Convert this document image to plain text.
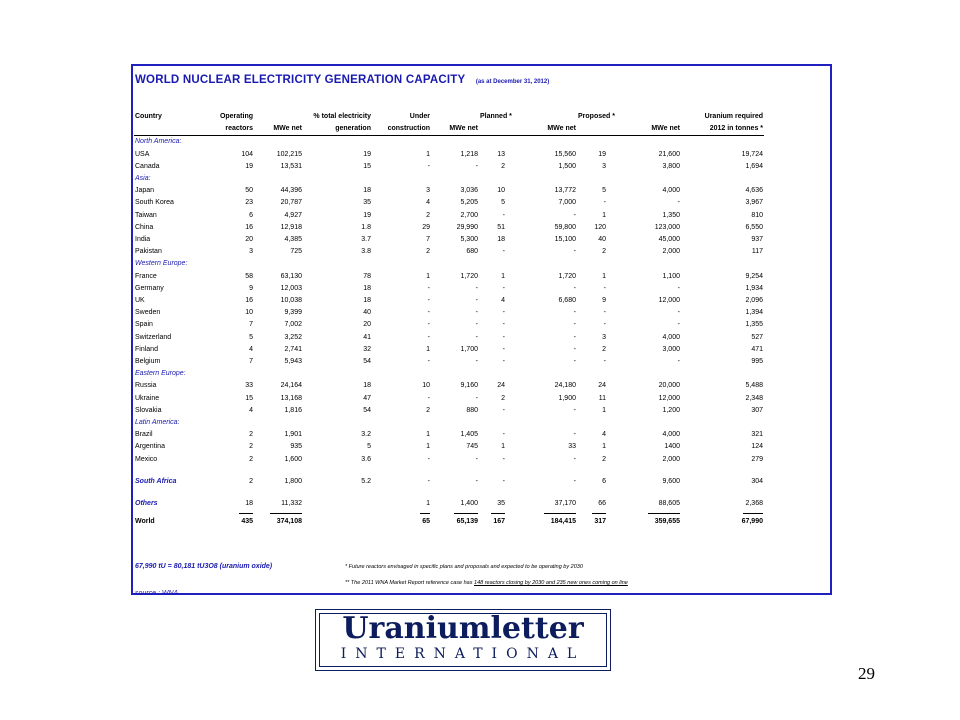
WORLD NUCLEAR ELECTRICITY GENERATION CAPACITY (as at December 31, 2012)
Country	Operating		% total electricity	Under		Planned *		Proposed *		Uranium required
	reactors	MWe net	generation	construction	MWe net		MWe net		MWe net	2012 in tonnes *
North America:										
USA	104	102,215	19	1	1,218	13	15,560	19	21,600	19,724
Canada	19	13,531	15	-	-	2	1,500	3	3,800	1,694
Asia:										
Japan	50	44,396	18	3	3,036	10	13,772	5	4,000	4,636
South Korea	23	20,787	35	4	5,205	5	7,000	-	-	3,967
Taiwan	6	4,927	19	2	2,700	-	-	1	1,350	810
China	16	12,918	1.8	29	29,990	51	59,800	120	123,000	6,550
India	20	4,385	3.7	7	5,300	18	15,100	40	45,000	937
Pakistan	3	725	3.8	2	680	-	-	2	2,000	117
Western Europe:										
France	58	63,130	78	1	1,720	1	1,720	1	1,100	9,254
Germany	9	12,003	18	-	-	-	-	-	-	1,934
UK	16	10,038	18	-	-	4	6,680	9	12,000	2,096
Sweden	10	9,399	40	-	-	-	-	-	-	1,394
Spain	7	7,002	20	-	-	-	-	-	-	1,355
Switzerland	5	3,252	41	-	-	-	-	3	4,000	527
Finland	4	2,741	32	1	1,700	-	-	2	3,000	471
Belgium	7	5,943	54	-	-	-	-	-	-	995
Eastern Europe:										
Russia	33	24,164	18	10	9,160	24	24,180	24	20,000	5,488
Ukraine	15	13,168	47	-	-	2	1,900	11	12,000	2,348
Slovakia	4	1,816	54	2	880	-	-	1	1,200	307
Latin America:										
Brazil	2	1,901	3.2	1	1,405	-	-	4	4,000	321
Argentina	2	935	5	1	745	1	33	1	1400	124
Mexico	2	1,600	3.6	-	-	-	-	2	2,000	279

South Africa	2	1,800	5.2	-	-	-	-	6	9,600	304

Others	18	11,332		1	1,400	35	37,170	66	88,605	2,368

World	435	374,108		65	65,139	167	184,415	317	359,655	67,990
67,990 tU = 80,181 tU3O8 (uranium oxide)	* Future reactors envisaged in specific plans and proposals and expected to be operating by 2030
** The 2011 WNA Market Report reference case has 148 reactors closing by 2030 and 235 new ones coming on line
source : WNA
Uraniumletter
INTERNATIONAL
29
